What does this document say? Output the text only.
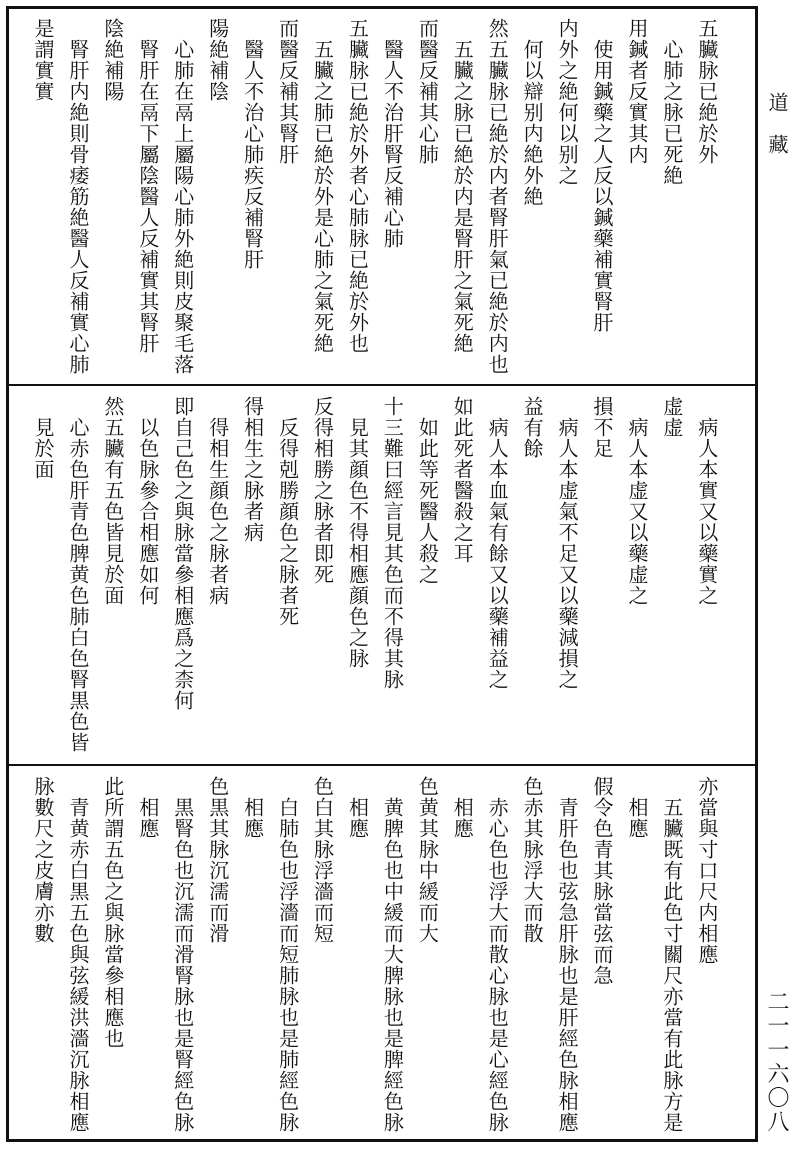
五臟脉已絶於外
　心肺之脉已死絶
用鍼者反實其内
　使用鍼藥之人反以鍼藥補實腎肝
内外之絶何以别之
　何以辯别内絶外絶
然五臟脉已絶於内者腎肝氣已絶於内也
　五臟之脉已絶於内是腎肝之氣死絶
而醫反補其心肺
　醫人不治肝腎反補心肺
五臟脉已絶於外者心肺脉已絶於外也
　五臟之肺已絶於外是心肺之氣死絶
而醫反補其腎肝
　醫人不治心肺疾反補腎肝
陽絶補陰
　心肺在鬲上屬陽心肺外絶則皮聚毛落
　腎肝在鬲下屬陰醫人反補實其腎肝
陰絶補陽
　腎肝内絶則骨痿筋絶醫人反補實心肺
是謂實實
　病人本實又以藥實之
虚虚
　病人本虚又以藥虚之
損不足
　病人本虚氣不足又以藥減損之
益有餘
　病人本血氣有餘又以藥補益之
如此死者醫殺之耳
　如此等死醫人殺之
十三難曰經言見其色而不得其脉
　見其顔色不得相應顔色之脉
反得相勝之脉者即死
　反得剋勝顔色之脉者死
得相生之脉者病
　得相生顔色之脉者病
即自己色之與脉當參相應爲之柰何
　以色脉參合相應如何
然五臟有五色皆見於面
　心赤色肝青色脾黄色肺白色腎黒色皆
　見於面
亦當與寸口尺内相應
　五臟既有此色寸關尺亦當有此脉方是
　相應
假令色青其脉當弦而急
　青肝色也弦急肝脉也是肝經色脉相應
色赤其脉浮大而散
　赤心色也浮大而散心脉也是心經色脉
　相應
色黄其脉中緩而大
　黄脾色也中緩而大脾脉也是脾經色脉
　相應
色白其脉浮濇而短
　白肺色也浮濇而短肺脉也是肺經色脉
　相應
色黒其脉沉濡而滑
　黒腎色也沉濡而滑腎脉也是腎經色脉
　相應
此所謂五色之與脉當參相應也
　青黄赤白黒五色與弦緩洪濇沉脉相應
脉數尺之皮膚亦數
道藏
二一一六〇八
